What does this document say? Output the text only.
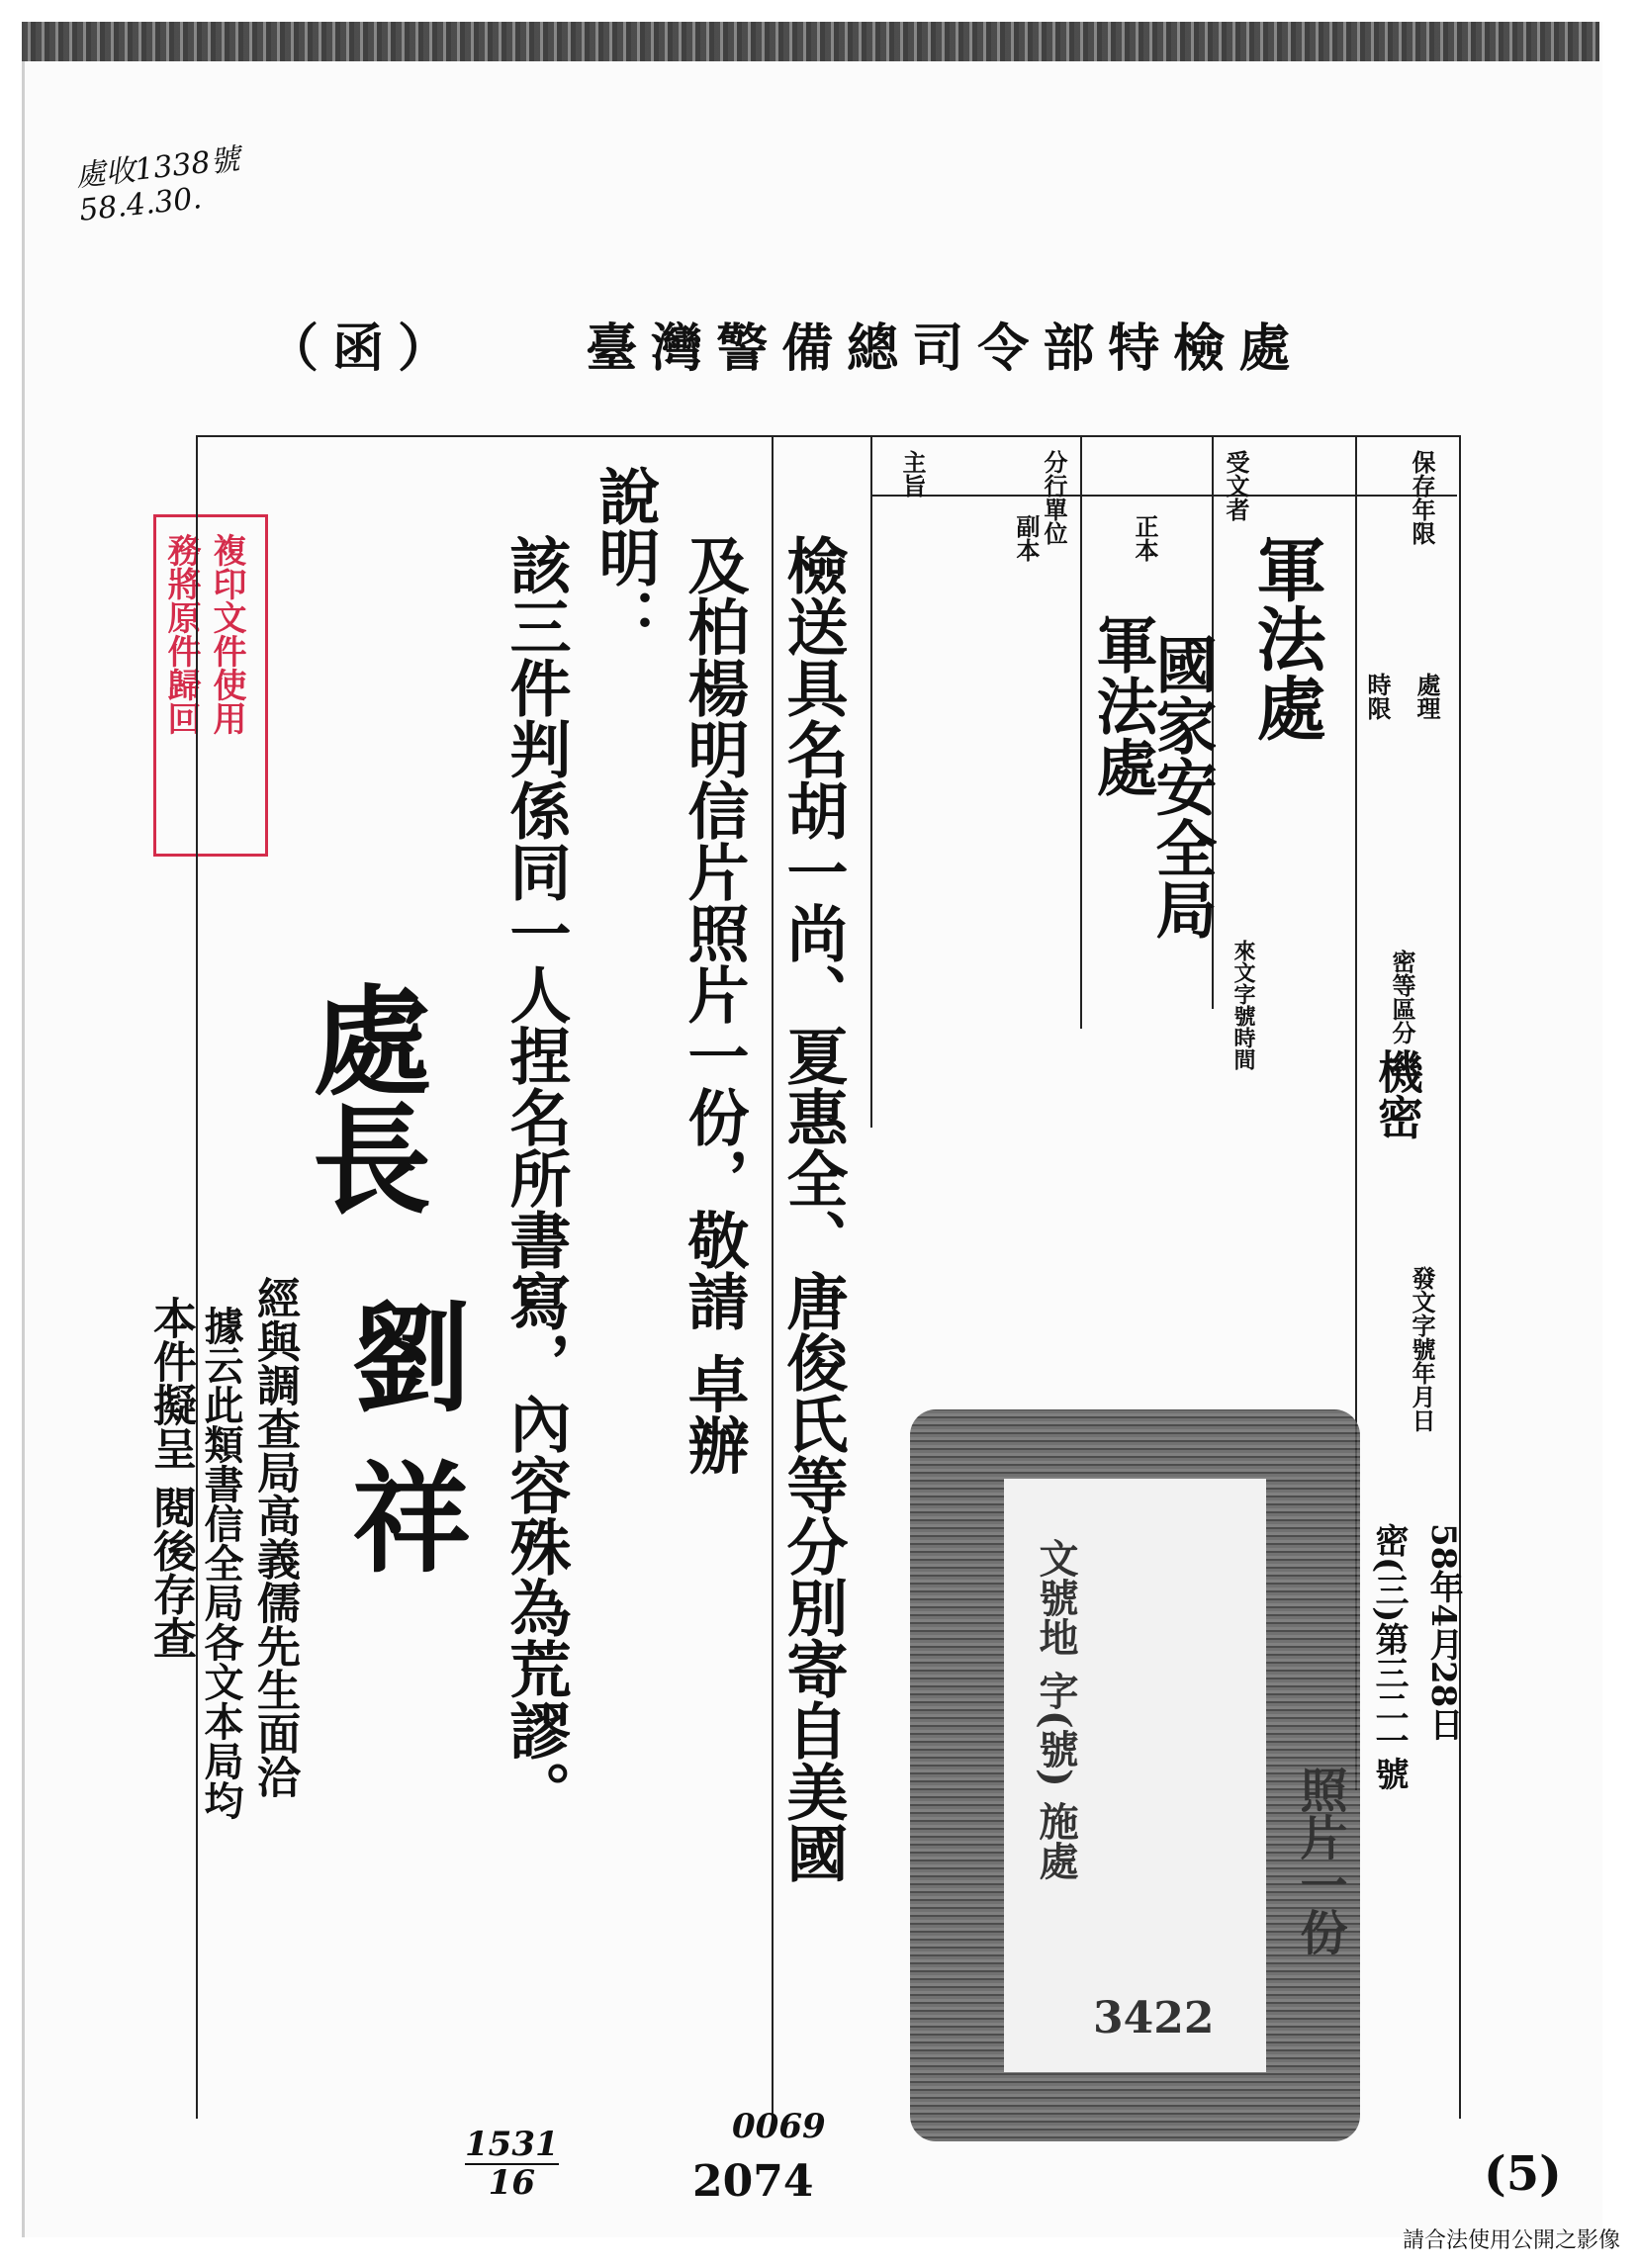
處收1338號
58.4.30.
（函） 臺灣警備總司令部特檢處
複印文件使用
務將原件歸回
保存年限
受文者
分行單位
主旨
正本
副本
時限 處理
密等區分
來文字號時間
發文字號年月日
機密
58年4月28日
密(三)第三二一號
軍法處
國家安全局
軍法處
檢送具名胡一尚、夏惠全、唐俊氏等分別寄自美國
及柏楊明信片照片一份，敬請 卓辦
說明：
該三件判係同一人捏名所書寫，內容殊為荒謬。
處長
劉 祥
經與調查局高義儒先生面洽
據云此類書信全局各文本局均
本件擬呈 閱後存查
文號地 字(號) 施處
3422
照片一份
2074
0069
1531
16	(5)
請合法使用公開之影像
